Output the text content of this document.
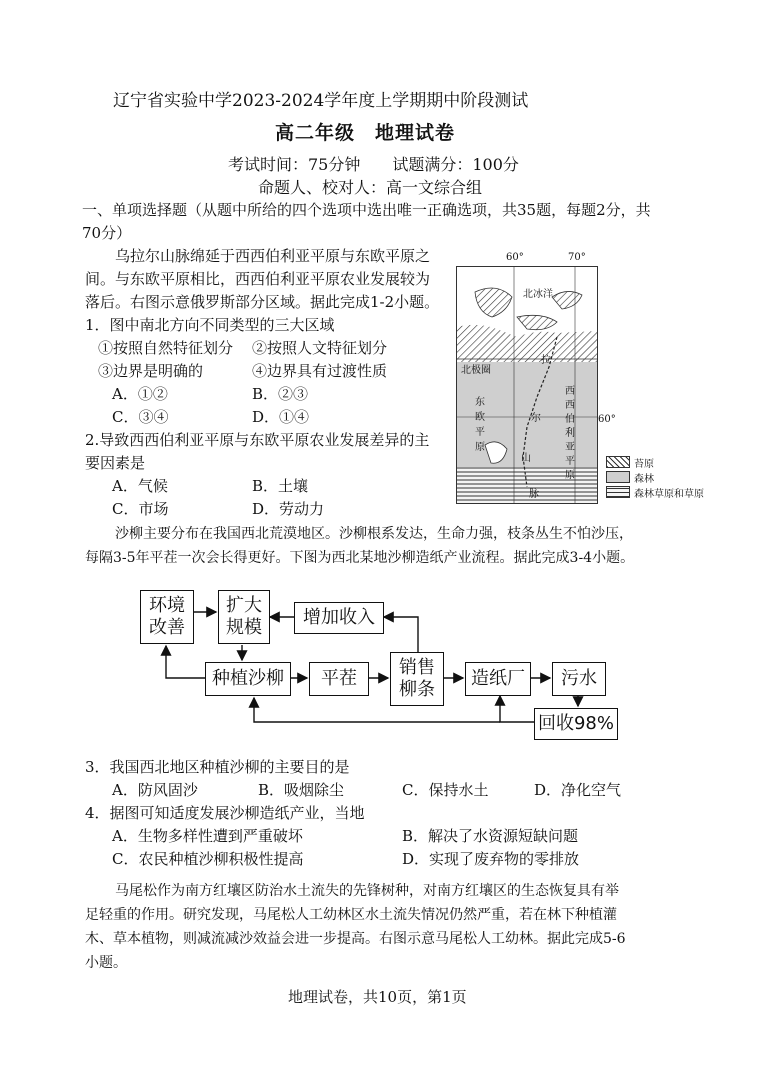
辽宁省实验中学2023-2024学年度上学期期中阶段测试
高二年级　地理试卷
考试时间：75分钟　　试题满分：100分
命题人、校对人：高一文综合组
一、单项选择题（从题中所给的四个选项中选出唯一正确选项，共35题，每题2分，共
70分）
乌拉尔山脉绵延于西西伯利亚平原与东欧平原之
间。与东欧平原相比，西西伯利亚平原农业发展较为
落后。右图示意俄罗斯部分区域。据此完成1-2小题。
1．图中南北方向不同类型的三大区域
①按照自然特征划分 ②按照人文特征划分
③边界是明确的	④边界具有过渡性质
A．①②	B．②③
C．③④	D．①④
2.导致西西伯利亚平原与东欧平原农业发展差异的主
要因素是
A．气候	B．土壤
C．市场	D．劳动力
60°	70°
60°
北冰洋
北极圈
东欧平原
西西伯利亚平原
拉
尔
山
脉
苔原
森林
森林草原和草原
沙柳主要分布在我国西北荒漠地区。沙柳根系发达，生命力强，枝条丛生不怕沙压，
每隔3-5年平茬一次会长得更好。下图为西北某地沙柳造纸产业流程。据此完成3-4小题。
环境
改善
扩大
规模	增加收入
种植沙柳	平茬
销售
柳条
造纸厂	污水
回收98%
3．我国西北地区种植沙柳的主要目的是
A．防风固沙	B．吸烟除尘	C．保持水土	D．净化空气
4．据图可知适度发展沙柳造纸产业，当地
A．生物多样性遭到严重破坏	B．解决了水资源短缺问题
C．农民种植沙柳积极性提高	D．实现了废弃物的零排放
马尾松作为南方红壤区防治水土流失的先锋树种，对南方红壤区的生态恢复具有举
足轻重的作用。研究发现，马尾松人工幼林区水土流失情况仍然严重，若在林下种植灌
木、草本植物，则减流减沙效益会进一步提高。右图示意马尾松人工幼林。据此完成5-6
小题。
地理试卷，共10页，第1页
